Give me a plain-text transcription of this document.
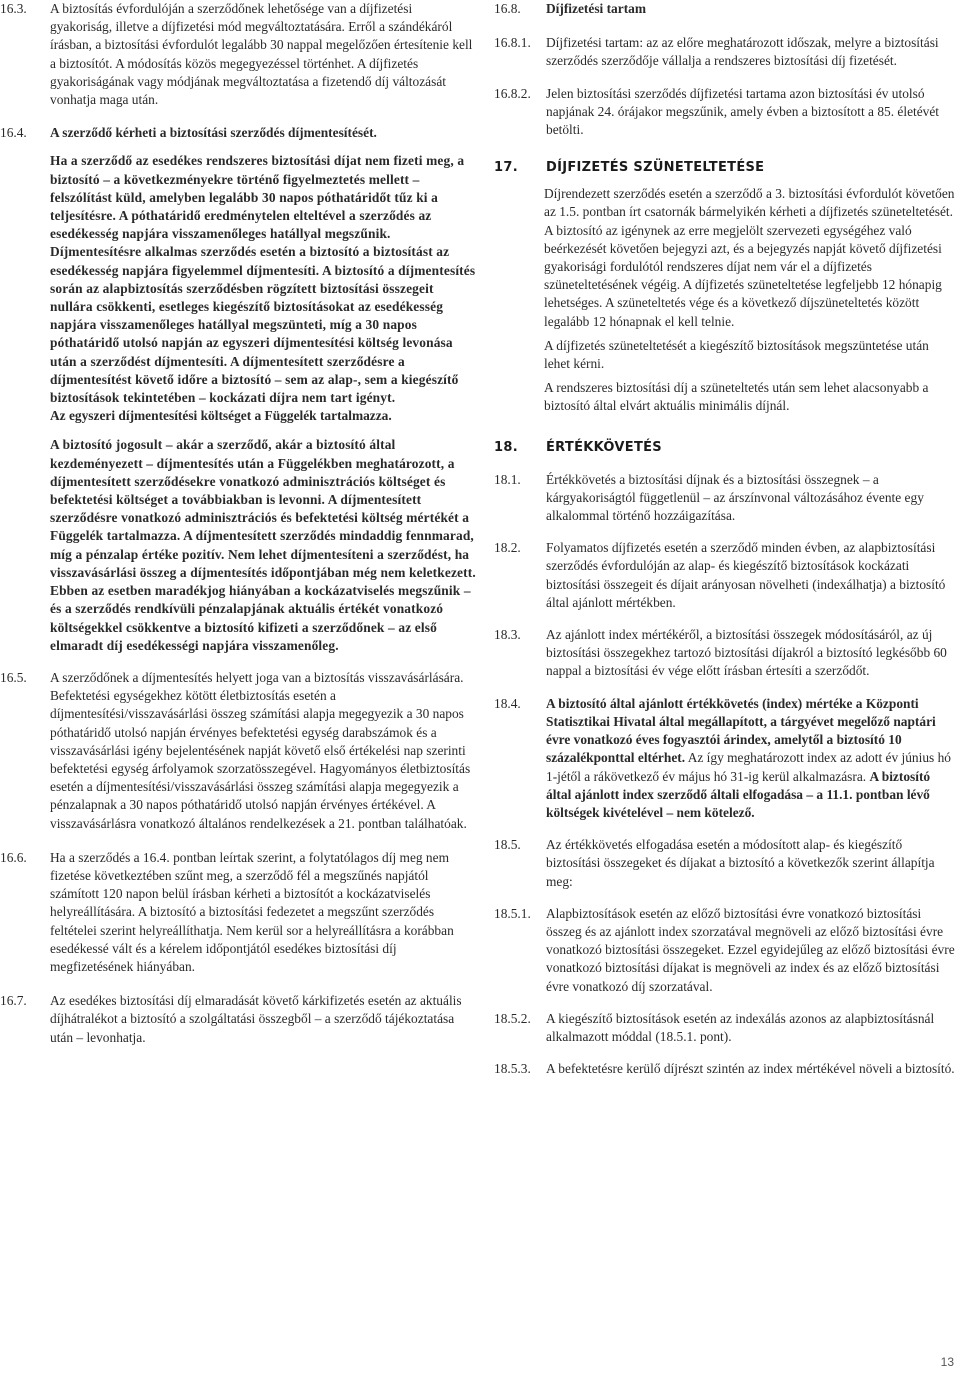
16.3.	A biztosítás évfordulóján a szerződőnek lehetősége van a díjfizetési gyakoriság, illetve a díjfizetési mód megváltoztatására. Erről a szándékáról írásban, a biztosítási évfordulót legalább 30 nappal megelőzően értesítenie kell a biztosítót. A módosítás közös megegyezéssel történhet. A díjfizetés gyakoriságának vagy módjának megváltoztatása a fizetendő díj változását vonhatja maga után.

16.4.	A szerződő kérheti a biztosítási szerződés díjmentesítését.

Ha a szerződő az esedékes rendszeres biztosítási díjat nem fizeti meg, a biztosító – a következményekre történő figyelmeztetés mellett – felszólítást küld, amelyben legalább 30 napos póthatáridőt tűz ki a teljesítésre. A póthatáridő eredménytelen elteltével a szerződés az esedékesség napjára visszamenőleges hatállyal megszűnik. Díjmentesítésre alkalmas szerződés esetén a biztosító a biztosítást az esedékesség napjára figyelemmel díjmentesíti. A biztosító a díjmentesítés során az alapbiztosítás szerződésben rögzített biztosítási összegeit nullára csökkenti, esetleges kiegészítő biztosításokat az esedékesség napjára visszamenőleges hatállyal megszünteti, míg a 30 napos póthatáridő utolsó napján az egyszeri díjmentesítési költség levonása után a szerződést díjmentesíti. A díjmentesített szerződésre a díjmentesítést követő időre a biztosító – sem az alap-, sem a kiegészítő biztosítások tekintetében – kockázati díjra nem tart igényt.

Az egyszeri díjmentesítési költséget a Függelék tartalmazza.

A biztosító jogosult – akár a szerződő, akár a biztosító által kezdeményezett – díjmentesítés után a Függelékben meghatározott, a díjmentesített szerződésekre vonatkozó adminisztrációs költséget és befektetési költséget a továbbiakban is levonni. A díjmentesített szerződésre vonatkozó adminisztrációs és befektetési költség mértékét a Függelék tartalmazza. A díjmentesített szerződés mindaddig fennmarad, míg a pénzalap értéke pozitív. Nem lehet díjmentesíteni a szerződést, ha visszavásárlási összeg a díjmentesítés időpontjában még nem keletkezett. Ebben az esetben maradékjog hiányában a kockázatviselés megszűnik – és a szerződés rendkívüli pénzalapjának aktuális értékét vonatkozó költségekkel csökkentve a biztosító kifizeti a szerződőnek – az első elmaradt díj esedékességi napjára visszamenőleg.

16.5.	A szerződőnek a díjmentesítés helyett joga van a biztosítás visszavásárlására. Befektetési egységekhez kötött életbiztosítás esetén a díjmentesítési/visszavásárlási összeg számítási alapja megegyezik a 30 napos póthatáridő utolsó napján érvényes befektetési egység darabszámok és a visszavásárlási igény bejelentésének napját követő első értékelési nap szerinti befektetési egység árfolyamok szorzatösszegével. Hagyományos életbiztosítás esetén a díjmentesítési/visszavásárlási összeg számítási alapja megegyezik a pénzalapnak a 30 napos póthatáridő utolsó napján érvényes értékével. A visszavásárlásra vonatkozó általános rendelkezések a 21. pontban találhatóak.

16.6.	Ha a szerződés a 16.4. pontban leírtak szerint, a folytatólagos díj meg nem fizetése következtében szűnt meg, a szerződő fél a megszűnés napjától számított 120 napon belül írásban kérheti a biztosítót a kockázatviselés helyreállítására. A biztosító a biztosítási fedezetet a megszűnt szerződés feltételei szerint helyreállíthatja. Nem kerül sor a helyreállításra a korábban esedékessé vált és a kérelem időpontjától esedékes biztosítási díj megfizetésének hiányában.

16.7.	Az esedékes biztosítási díj elmaradását követő kárkifizetés esetén az aktuális díjhátralékot a biztosító a szolgáltatási összegből – a szerződő tájékoztatása után – levonhatja.

16.8.	Díjfizetési tartam

16.8.1.	Díjfizetési tartam: az az előre meghatározott időszak, melyre a biztosítási szerződés szerződője vállalja a rendszeres biztosítási díj fizetését.

16.8.2.	Jelen biztosítási szerződés díjfizetési tartama azon biztosítási év utolsó napjának 24. órájakor megszűnik, amely évben a biztosított a 85. életévét betölti.

17.	DÍJFIZETÉS SZÜNETELTETÉSE

Díjrendezett szerződés esetén a szerződő a 3. biztosítási évfordulót követően az 1.5. pontban írt csatornák bármelyikén kérheti a díjfizetés szüneteltetését. A biztosító az igénynek az erre megjelölt szervezeti egységéhez való beérkezését követően bejegyzi azt, és a bejegyzés napját követő díjfizetési gyakorisági fordulótól rendszeres díjat nem vár el a díjfizetés szüneteltetésének végéig. A díjfizetés szüneteltetése legfeljebb 12 hónapig lehetséges. A szüneteltetés vége és a következő díjszüneteltetés között legalább 12 hónapnak el kell telnie.

A díjfizetés szüneteltetését a kiegészítő biztosítások megszüntetése után lehet kérni.

A rendszeres biztosítási díj a szüneteltetés után sem lehet alacsonyabb a biztosító által elvárt aktuális minimális díjnál.

18.	ÉRTÉKKÖVETÉS
18.1.	Értékkövetés a biztosítási díjnak és a biztosítási összegnek – a kárgyakoriságtól függetlenül – az árszínvonal változásához évente egy alkalommal történő hozzáigazítása.

18.2.	Folyamatos díjfizetés esetén a szerződő minden évben, az alapbiztosítási szerződés évfordulóján az alap- és kiegészítő biztosítások kockázati biztosítási összegeit és díjait arányosan növelheti (indexálhatja) a biztosító által ajánlott mértékben.

18.3.	Az ajánlott index mértékéről, a biztosítási összegek módosításáról, az új biztosítási összegekhez tartozó biztosítási díjakról a biztosító legkésőbb 60 nappal a biztosítási év vége előtt írásban értesíti a szerződőt.

18.4.	A biztosító által ajánlott értékkövetés (index) mértéke a Központi Statisztikai Hivatal által megállapított, a tárgyévet megelőző naptári évre vonatkozó éves fogyasztói árindex, amelytől a biztosító 10 százalékponttal eltérhet. Az így meghatározott index az adott év június hó 1-jétől a rákövetkező év május hó 31-ig kerül alkalmazásra. A biztosító által ajánlott index szerződő általi elfogadása – a 11.1. pontban lévő költségek kivételével – nem kötelező.

18.5.	Az értékkövetés elfogadása esetén a módosított alap- és kiegészítő biztosítási összegeket és díjakat a biztosító a következők szerint állapítja meg:

18.5.1.	Alapbiztosítások esetén az előző biztosítási évre vonatkozó biztosítási összeg és az ajánlott index szorzatával megnöveli az előző biztosítási évre vonatkozó biztosítási összegeket. Ezzel egyidejűleg az előző biztosítási évre vonatkozó biztosítási díjakat is megnöveli az index és az előző biztosítási évre vonatkozó díj szorzatával.

18.5.2.	A kiegészítő biztosítások esetén az indexálás azonos az alapbiztosításnál alkalmazott móddal (18.5.1. pont).

18.5.3.	A befektetésre kerülő díjrészt szintén az index mértékével növeli a biztosító.

13
